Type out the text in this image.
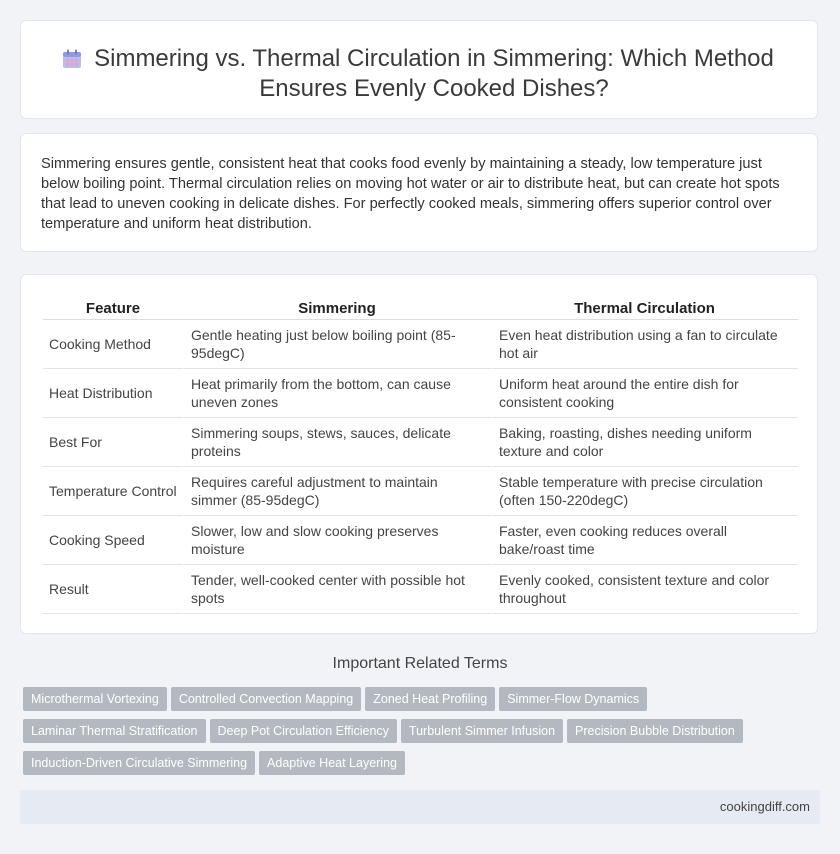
Simmering vs. Thermal Circulation in Simmering: Which Method Ensures Evenly Cooked Dishes?

Simmering ensures gentle, consistent heat that cooks food evenly by maintaining a steady, low temperature just below boiling point. Thermal circulation relies on moving hot water or air to distribute heat, but can create hot spots that lead to uneven cooking in delicate dishes. For perfectly cooked meals, simmering offers superior control over temperature and uniform heat distribution.

Feature	Simmering	Thermal Circulation
Cooking Method	Gentle heating just below boiling point (85-95degC)	Even heat distribution using a fan to circulate hot air
Heat Distribution	Heat primarily from the bottom, can cause uneven zones	Uniform heat around the entire dish for consistent cooking
Best For	Simmering soups, stews, sauces, delicate proteins	Baking, roasting, dishes needing uniform texture and color
Temperature Control	Requires careful adjustment to maintain simmer (85-95degC)	Stable temperature with precise circulation (often 150-220degC)
Cooking Speed	Slower, low and slow cooking preserves moisture	Faster, even cooking reduces overall bake/roast time
Result	Tender, well-cooked center with possible hot spots	Evenly cooked, consistent texture and color throughout
Important Related Terms
Microthermal Vortexing Controlled Convection Mapping Zoned Heat Profiling Simmer-Flow DynamicsLaminar Thermal Stratification Deep Pot Circulation Efficiency Turbulent Simmer Infusion Precision Bubble DistributionInduction-Driven Circulative Simmering Adaptive Heat Layering
cookingdiff.com
